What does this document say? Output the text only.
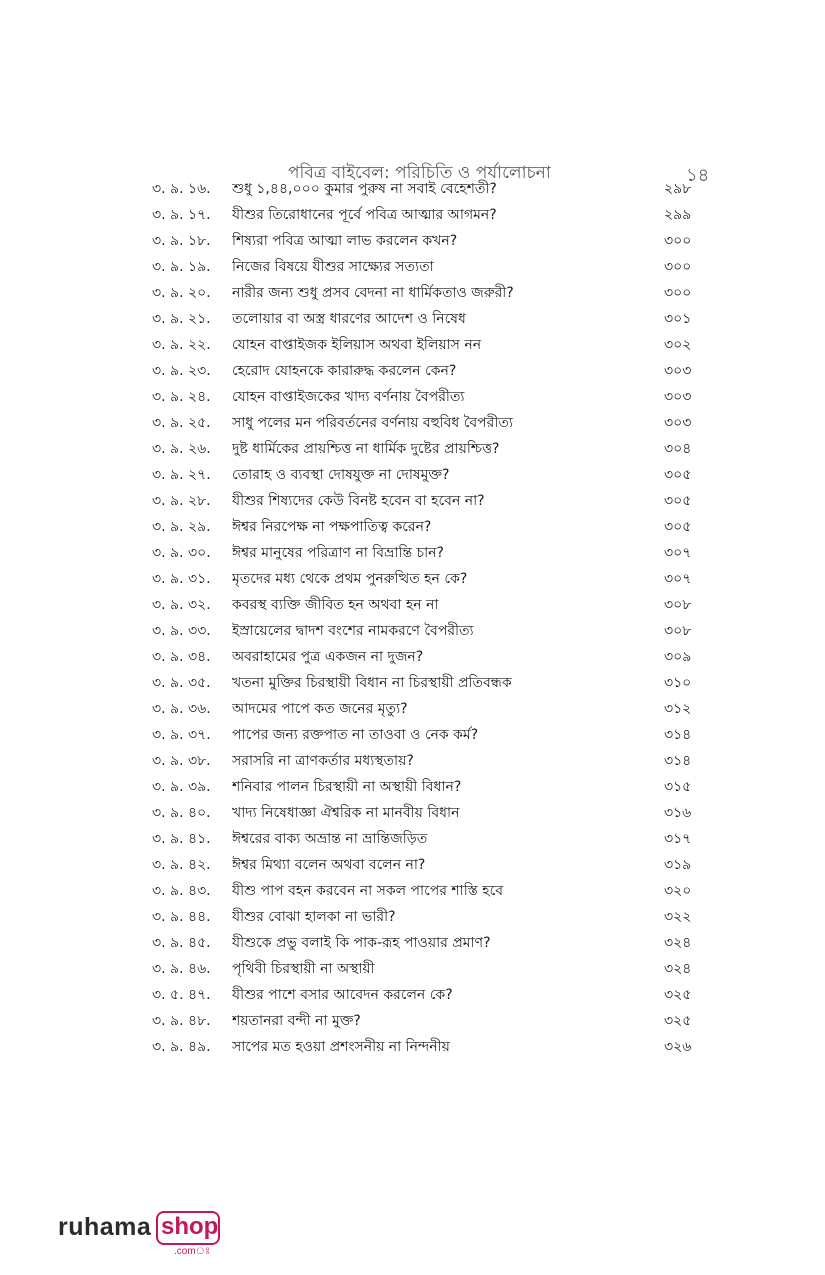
পবিত্র বাইবেল: পরিচিতি ও পর্যালোচনা	১৪
৩. ৯. ১৬.	শুধু ১,৪৪,০০০ কুমার পুরুষ না সবাই বেহেশতী?	২৯৮
৩. ৯. ১৭.	যীশুর তিরোধানের পূর্বে পবিত্র আত্মার আগমন?	২৯৯
৩. ৯. ১৮.	শিষ্যরা পবিত্র আত্মা লাভ করলেন কখন?	৩০০
৩. ৯. ১৯.	নিজের বিষয়ে যীশুর সাক্ষ্যের সত্যতা	৩০০
৩. ৯. ২০.	নারীর জন্য শুধু প্রসব বেদনা না ধার্মিকতাও জরুরী?	৩০০
৩. ৯. ২১.	তলোয়ার বা অস্ত্র ধারণের আদেশ ও নিষেধ	৩০১
৩. ৯. ২২.	যোহন বাপ্তাইজক ইলিয়াস অথবা ইলিয়াস নন	৩০২
৩. ৯. ২৩.	হেরোদ যোহনকে কারারুদ্ধ করলেন কেন?	৩০৩
৩. ৯. ২৪.	যোহন বাপ্তাইজকের খাদ্য বর্ণনায় বৈপরীত্য	৩০৩
৩. ৯. ২৫.	সাধু পলের মন পরিবর্তনের বর্ণনায় বহুবিধ বৈপরীত্য	৩০৩
৩. ৯. ২৬.	দুষ্ট ধার্মিকের প্রায়শ্চিত্ত না ধার্মিক দুষ্টের প্রায়শ্চিত্ত?	৩০৪
৩. ৯. ২৭.	তোরাহ ও ব্যবস্থা দোষযুক্ত না দোষমুক্ত?	৩০৫
৩. ৯. ২৮.	যীশুর শিষ্যদের কেউ বিনষ্ট হবেন বা হবেন না?	৩০৫
৩. ৯. ২৯.	ঈশ্বর নিরপেক্ষ না পক্ষপাতিত্ব করেন?	৩০৫
৩. ৯. ৩০.	ঈশ্বর মানুষের পরিত্রাণ না বিভ্রান্তি চান?	৩০৭
৩. ৯. ৩১.	মৃতদের মধ্য থেকে প্রথম পুনরুত্থিত হন কে?	৩০৭
৩. ৯. ৩২.	কবরস্থ ব্যক্তি জীবিত হন অথবা হন না	৩০৮
৩. ৯. ৩৩.	ইস্রায়েলের দ্বাদশ বংশের নামকরণে বৈপরীত্য	৩০৮
৩. ৯. ৩৪.	অবরাহামের পুত্র একজন না দুজন?	৩০৯
৩. ৯. ৩৫.	খতনা মুক্তির চিরস্থায়ী বিধান না চিরস্থায়ী প্রতিবন্ধক	৩১০
৩. ৯. ৩৬.	আদমের পাপে কত জনের মৃত্যু?	৩১২
৩. ৯. ৩৭.	পাপের জন্য রক্তপাত না তাওবা ও নেক কর্ম?	৩১৪
৩. ৯. ৩৮.	সরাসরি না ত্রাণকর্তার মধ্যস্থতায়?	৩১৪
৩. ৯. ৩৯.	শনিবার পালন চিরস্থায়ী না অস্থায়ী বিধান?	৩১৫
৩. ৯. ৪০.	খাদ্য নিষেধাজ্ঞা ঐশ্বরিক না মানবীয় বিধান	৩১৬
৩. ৯. ৪১.	ঈশ্বরের বাক্য অভ্রান্ত না ভ্রান্তিজড়িত	৩১৭
৩. ৯. ৪২.	ঈশ্বর মিথ্যা বলেন অথবা বলেন না?	৩১৯
৩. ৯. ৪৩.	যীশু পাপ বহন করবেন না সকল পাপের শাস্তি হবে	৩২০
৩. ৯. ৪৪.	যীশুর বোঝা হালকা না ভারী?	৩২২
৩. ৯. ৪৫.	যীশুকে প্রভু বলাই কি পাক-রূহ পাওয়ার প্রমাণ?	৩২৪
৩. ৯. ৪৬.	পৃথিবী চিরস্থায়ী না অস্থায়ী	৩২৪
৩. ৫. ৪৭.	যীশুর পাশে বসার আবেদন করলেন কে?	৩২৫
৩. ৯. ৪৮.	শয়তানরা বন্দী না মুক্ত?	৩২৫
৩. ৯. ৪৯.	সাপের মত হওয়া প্রশংসনীয় না নিন্দনীয়	৩২৬
ruhama shop
.comঃ
